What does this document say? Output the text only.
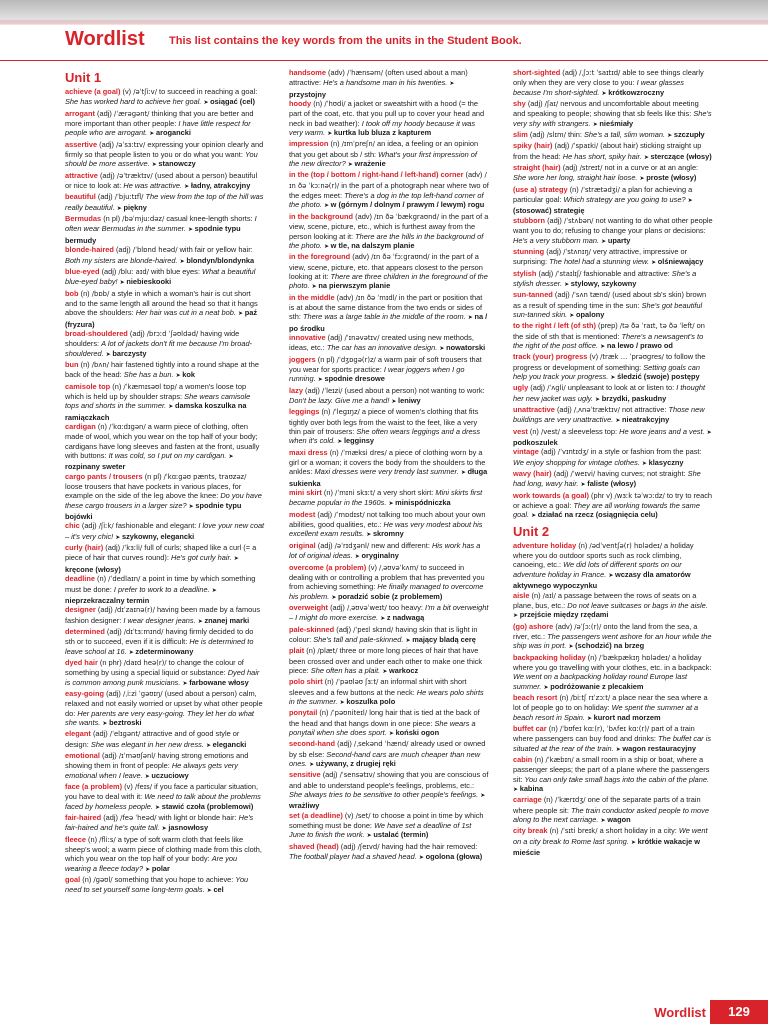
Wordlist This list contains the key words from the units in the Student Book.
Unit 1
achieve (a goal) (v) /əˈtʃiːv/ to succeed in reaching a goal: She has worked hard to achieve her goal. ➤ osiągać (cel)
arrogant (adj) /ˈærəɡənt/ thinking that you are better and more important than other people: I have little respect for people who are arrogant. ➤ arogancki
assertive (adj) /əˈsɜːtɪv/ expressing your opinion clearly and firmly so that people listen to you or do what you want: You should be more assertive. ➤ stanowczy
attractive (adj) /əˈtræktɪv/ (used about a person) beautiful or nice to look at: He was attractive. ➤ ładny, atrakcyjny
beautiful (adj) /ˈbjuːtɪfl/ The view from the top of the hill was really beautiful. ➤ piękny
Bermudas (n pl) /bəˈmjuːdəz/ casual knee-length shorts: I often wear Bermudas in the summer. ➤ spodnie typu bermudy
blonde-haired (adj) /ˈblɒnd heəd/ with fair or yellow hair: Both my sisters are blonde-haired. ➤ blondyn/blondynka
blue-eyed (adj) /bluː aɪd/ with blue eyes: What a beautiful blue-eyed baby! ➤ niebieskooki
bob (n) /bɒb/ a style in which a woman's hair is cut short and to the same length all around the head so that it hangs above the shoulders: Her hair was cut in a neat bob. ➤ paź (fryzura)
broad-shouldered (adj) /brɔːd ˈʃəʊldəd/ having wide shoulders: A lot of jackets don't fit me because I'm broad-shouldered. ➤ barczysty
bun (n) /bʌn/ hair fastened tightly into a round shape at the back of the head: She has a bun. ➤ kok
camisole top (n) /ˈkæmɪsəʊl tɒp/ a women's loose top which is held up by shoulder straps: She wears camisole tops and shorts in the summer. ➤ damska koszulka na ramiączkach
cardigan (n) /ˈkɑːdɪɡən/ a warm piece of clothing, often made of wool, which you wear on the top half of your body; cardigans have long sleeves and fasten at the front, usually with buttons: It was cold, so I put on my cardigan. ➤ rozpinany sweter
cargo pants / trousers (n pl) /ˈkɑːɡəʊ pænts, traʊzəz/ loose trousers that have pockets in various places, for example on the side of the leg above the knee: Do you have these cargo trousers in a larger size? ➤ spodnie typu bojówki
chic (adj) /ʃiːk/ fashionable and elegant: I love your new coat – it's very chic! ➤ szykowny, elegancki
curly (hair) (adj) /ˈkɜːli/ full of curls; shaped like a curl (= a piece of hair that curves round): He's got curly hair. ➤ kręcone (włosy)
deadline (n) /ˈdedlaɪn/ a point in time by which something must be done: I prefer to work to a deadline. ➤ nieprzekraczalny termin
designer (adj) /dɪˈzaɪnə(r)/ having been made by a famous fashion designer: I wear designer jeans. ➤ znanej marki
determined (adj) /dɪˈtɜːmɪnd/ having firmly decided to do sth or to succeed, even if it is difficult: He is determined to leave school at 16. ➤ zdeterminowany
dyed hair (n phr) /daɪd heə(r)/ to change the colour of something by using a special liquid or substance: Dyed hair is common among punk musicians. ➤ farbowane włosy
easy-going (adj) /ˌiːzi ˈɡəʊɪŋ/ (used about a person) calm, relaxed and not easily worried or upset by what other people do: Her parents are very easy-going. They let her do what she wants. ➤ beztroski
elegant (adj) /ˈelɪɡənt/ attractive and of good style or design: She was elegant in her new dress. ➤ elegancki
emotional (adj) /ɪˈməʊʃənl/ having strong emotions and showing them in front of people: He always gets very emotional when I leave. ➤ uczuciowy
face (a problem) (v) /feɪs/ if you face a particular situation, you have to deal with it: We need to talk about the problems faced by homeless people. ➤ stawić czoła (problemowi)
fair-haired (adj) /feə ˈheəd/ with light or blonde hair: He's fair-haired and he's quite tall. ➤ jasnowłosy
fleece (n) /fliːs/ a type of soft warm cloth that feels like sheep's wool; a warm piece of clothing made from this cloth, which you wear on the top half of your body: Are you wearing a fleece today? ➤ polar
goal (n) /ɡəʊl/ something that you hope to achieve: You need to set yourself some long-term goals. ➤ cel
handsome (adv) /ˈhænsəm/ (often used about a man) attractive: He's a handsome man in his twenties. ➤ przystojny
hoody (n) /ˈhʊdi/ a jacket or sweatshirt with a hood (= the part of the coat, etc. that you pull up to cover your head and neck in bad weather): I took off my hoody because it was very warm. ➤ kurtka lub bluza z kapturem
impression (n) /ɪmˈpreʃn/ an idea, a feeling or an opinion that you get about sb / sth: What's your first impression of the new director? ➤ wrażenie
in the (top / bottom / right-hand / left-hand) corner (adv) /ɪn ðə ˈkɔːnə(r)/ in the part of a photograph near where two of the edges meet: There's a dog in the top left-hand corner of the photo. ➤ w (górnym / dolnym / prawym / lewym) rogu
in the background (adv) /ɪn ðə ˈbækɡraʊnd/ in the part of a view, scene, picture, etc., which is furthest away from the person looking at it: There are the hills in the background of the photo. ➤ w tle, na dalszym planie
in the foreground (adv) /ɪn ðə ˈfɔːɡraʊnd/ in the part of a view, scene, picture, etc. that appears closest to the person looking at it: There are three children in the foreground of the photo. ➤ na pierwszym planie
in the middle (adv) /ɪn ðə ˈmɪdl/ in the part or position that is at about the same distance from the two ends or sides of sth: There was a large table in the middle of the room. ➤ na / po środku
innovative (adj) /ˈɪnəvətɪv/ created using new methods, ideas, etc.: The car has an innovative design. ➤ nowatorski
joggers (n pl) /ˈdʒɒɡə(r)z/ a warm pair of soft trousers that you wear for sports practice: I wear joggers when I go running. ➤ spodnie dresowe
lazy (adj) /ˈleɪzi/ (used about a person) not wanting to work: Don't be lazy. Give me a hand! ➤ leniwy
leggings (n) /ˈleɡɪŋz/ a piece of women's clothing that fits tightly over both legs from the waist to the feet, like a very thin pair of trousers: She often wears leggings and a dress when it's cold. ➤ legginsy
maxi dress (n) /ˈmæksi dres/ a piece of clothing worn by a girl or a woman; it covers the body from the shoulders to the ankles: Maxi dresses were very trendy last summer. ➤ długa sukienka
mini skirt (n) /ˈmɪni skɜːt/ a very short skirt: Mini skirts first became popular in the 1960s. ➤ minispódniczka
modest (adj) /ˈmɒdɪst/ not talking too much about your own abilities, good qualities, etc.: He was very modest about his excellent exam results. ➤ skromny
original (adj) /əˈrɪdʒənl/ new and different: His work has a lot of original ideas. ➤ oryginalny
overcome (a problem) (v) /ˌəʊvəˈkʌm/ to succeed in dealing with or controlling a problem that has prevented you from achieving something: He finally managed to overcome his problem. ➤ poradzić sobie (z problemem)
overweight (adj) /ˌəʊvəˈweɪt/ too heavy: I'm a bit overweight – I might do more exercise. ➤ z nadwagą
pale-skinned (adj) /ˈpeɪl skɪnd/ having skin that is light in colour: She's tall and pale-skinned. ➤ mający bladą cerę
plait (n) /plæt/ three or more long pieces of hair that have been crossed over and under each other to make one thick piece: She often has a plait. ➤ warkocz
polo shirt (n) /ˈpəʊləʊ ʃɜːt/ an informal shirt with short sleeves and a few buttons at the neck: He wears polo shirts in the summer. ➤ koszulka polo
ponytail (n) /ˈpəʊniteɪl/ long hair that is tied at the back of the head and that hangs down in one piece: She wears a ponytail when she does sport. ➤ koński ogon
second-hand (adj) /ˌsekənd ˈhænd/ already used or owned by sb else: Second-hand cars are much cheaper than new ones. ➤ używany, z drugiej ręki
sensitive (adj) /ˈsensətɪv/ showing that you are conscious of and able to understand people's feelings, problems, etc.: She always tries to be sensitive to other people's feelings. ➤ wrażliwy
set (a deadline) (v) /set/ to choose a point in time by which something must be done: We have set a deadline of 1st June to finish the work. ➤ ustalać (termin)
shaved (head) (adj) /ʃeɪvd/ having had the hair removed: The football player had a shaved head. ➤ ogolona (głowa)
short-sighted (adj) /ˌʃɔːt ˈsaɪtɪd/ able to see things clearly only when they are very close to you: I wear glasses because I'm short-sighted. ➤ krótkowzroczny
shy (adj) /ʃaɪ/ nervous and uncomfortable about meeting and speaking to people; showing that sb feels like this: She's very shy with strangers. ➤ nieśmiały
slim (adj) /slɪm/ thin: She's a tall, slim woman. ➤ szczupły
spiky (hair) (adj) /ˈspaɪki/ (about hair) sticking straight up from the head: He has short, spiky hair. ➤ sterczące (włosy)
straight (hair) (adj) /streɪt/ not in a curve or at an angle: She wore her long, straight hair loose. ➤ proste (włosy)
(use a) strategy (n) /ˈstrætədʒi/ a plan for achieving a particular goal: Which strategy are you going to use? ➤ (stosować) strategię
stubborn (adj) /ˈstʌbən/ not wanting to do what other people want you to do; refusing to change your plans or decisions: He's a very stubborn man. ➤ uparty
stunning (adj) /ˈstʌnɪŋ/ very attractive, impressive or surprising: The hotel had a stunning view. ➤ olśniewający
stylish (adj) /ˈstaɪlɪʃ/ fashionable and attractive: She's a stylish dresser. ➤ stylowy, szykowny
sun-tanned (adj) /ˈsʌn tænd/ (used about sb's skin) brown as a result of spending time in the sun: She's got beautiful sun-tanned skin. ➤ opalony
to the right / left (of sth) (prep) /tə ðə ˈraɪt, tə ðə ˈleft/ on the side of sth that is mentioned: There's a newsagent's to the right of the post office. ➤ na lewo / prawo od
track (your) progress (v) /træk … ˈprəʊɡres/ to follow the progress or development of something: Setting goals can help you track your progress. ➤ śledzić (swoje) postępy
ugly (adj) /ˈʌɡli/ unpleasant to look at or listen to: I thought her new jacket was ugly. ➤ brzydki, paskudny
unattractive (adj) /ˌʌnəˈtræktɪv/ not attractive: Those new buildings are very unattractive. ➤ nieatrakcyjny
vest (n) /vest/ a sleeveless top: He wore jeans and a vest. ➤ podkoszulek
vintage (adj) /ˈvɪntɪdʒ/ in a style or fashion from the past: We enjoy shopping for vintage clothes. ➤ klasyczny
wavy (hair) (adj) /ˈweɪvi/ having curves; not straight: She had long, wavy hair. ➤ faliste (włosy)
work towards (a goal) (phr v) /wɜːk təˈwɔːdz/ to try to reach or achieve a goal: They are all working towards the same goal. ➤ działać na rzecz (osiągnięcia celu)
Unit 2
adventure holiday (n) /ədˈventʃə(r) hɒlədeɪ/ a holiday where you do outdoor sports such as rock climbing, canoeing, etc.: We did lots of different sports on our adventure holiday in France. ➤ wczasy dla amatorów aktywnego wypoczynku
aisle (n) /aɪl/ a passage between the rows of seats on a plane, bus, etc.: Do not leave suitcases or bags in the aisle. ➤ przejście między rzędami
(go) ashore (adv) /əˈʃɔː(r)/ onto the land from the sea, a river, etc.: The passengers went ashore for an hour while the ship was in port. ➤ (schodzić) na brzeg
backpacking holiday (n) /ˈbækpækɪŋ hɒlədeɪ/ a holiday where you go travelling with your clothes, etc. in a backpack: We went on a backpacking holiday round Europe last summer. ➤ podróżowanie z plecakiem
beach resort (n) /biːtʃ rɪˈzɔːt/ a place near the sea where a lot of people go to on holiday: We spent the summer at a beach resort in Spain. ➤ kurort nad morzem
buffet car (n) /ˈbʊfeɪ kɑː(r), ˈbʌfeɪ kɑː(r)/ part of a train where passengers can buy food and drinks: The buffet car is situated at the rear of the train. ➤ wagon restauracyjny
cabin (n) /ˈkæbɪn/ a small room in a ship or boat, where a passenger sleeps; the part of a plane where the passengers sit: You can only take small bags into the cabin of the plane. ➤ kabina
carriage (n) /ˈkærɪdʒ/ one of the separate parts of a train where people sit: The train conductor asked people to move along to the next carriage. ➤ wagon
city break (n) /ˈsɪti breɪk/ a short holiday in a city: We went on a city break to Rome last spring. ➤ krótkie wakacje w mieście
Wordlist	129
